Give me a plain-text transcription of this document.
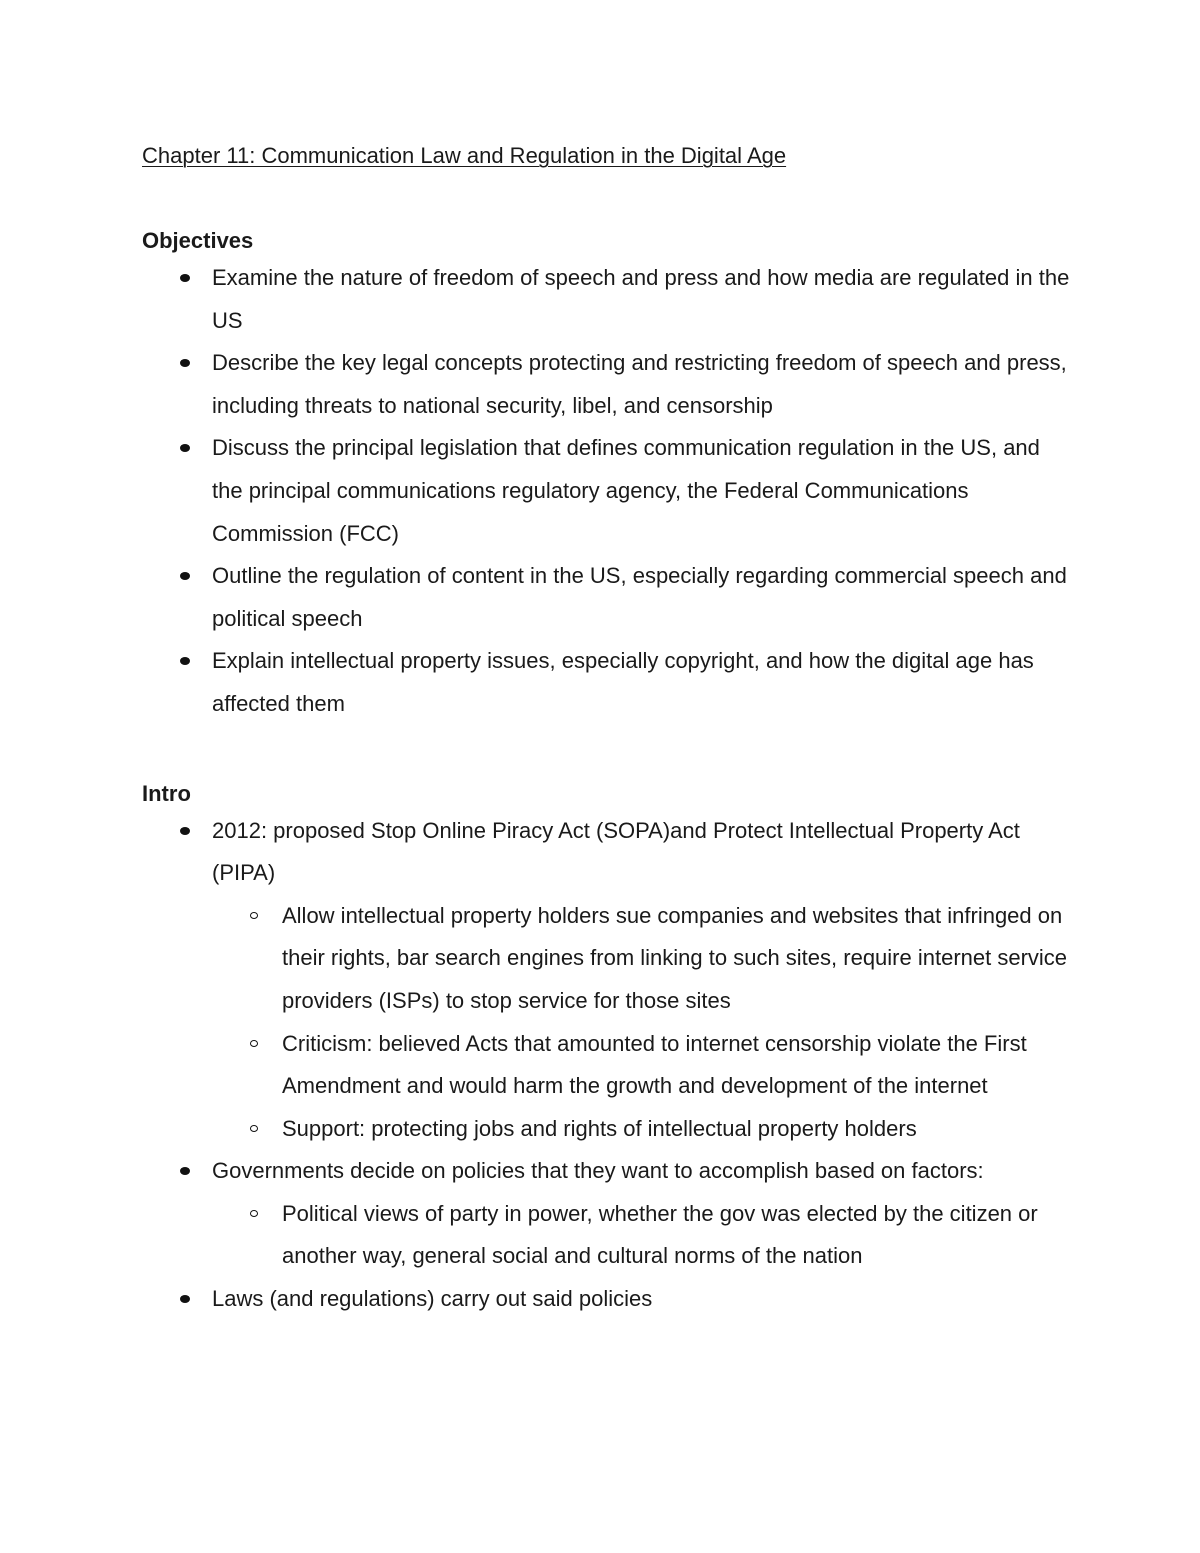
Chapter 11: Communication Law and Regulation in the Digital Age
Objectives
Examine the nature of freedom of speech and press and how media are regulated in the US
Describe the key legal concepts protecting and restricting freedom of speech and press, including threats to national security, libel, and censorship
Discuss the principal legislation that defines communication regulation in the US, and the principal communications regulatory agency, the Federal Communications Commission (FCC)
Outline the regulation of content in the US, especially regarding commercial speech and political speech
Explain intellectual property issues, especially copyright, and how the digital age has affected them
Intro
2012: proposed Stop Online Piracy Act (SOPA)and Protect Intellectual Property Act (PIPA)
Allow intellectual property holders sue companies and websites that infringed on their rights, bar search engines from linking to such sites, require internet service providers (ISPs) to stop service for those sites
Criticism: believed Acts that amounted to internet censorship violate the First Amendment and would harm the growth and development of the internet
Support: protecting jobs and rights of intellectual property holders
Governments decide on policies that they want to accomplish based on factors:
Political views of party in power, whether the gov was elected by the citizen or another way, general social and cultural norms of the nation
Laws (and regulations) carry out said policies
